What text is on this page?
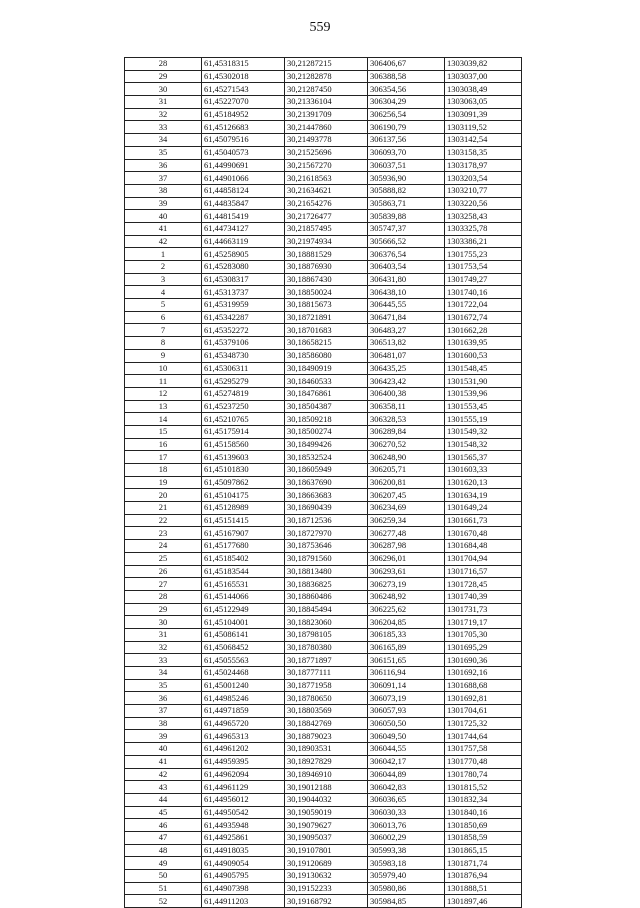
559
28	61,45318315	30,21287215	306406,67	1303039,82
29	61,45302018	30,21282878	306388,58	1303037,00
30	61,45271543	30,21287450	306354,56	1303038,49
31	61,45227070	30,21336104	306304,29	1303063,05
32	61,45184952	30,21391709	306256,54	1303091,39
33	61,45126683	30,21447860	306190,79	1303119,52
34	61,45079516	30,21493778	306137,56	1303142,54
35	61,45040573	30,21525696	306093,70	1303158,35
36	61,44990691	30,21567270	306037,51	1303178,97
37	61,44901066	30,21618563	305936,90	1303203,54
38	61,44858124	30,21634621	305888,82	1303210,77
39	61,44835847	30,21654276	305863,71	1303220,56
40	61,44815419	30,21726477	305839,88	1303258,43
41	61,44734127	30,21857495	305747,37	1303325,78
42	61,44663119	30,21974934	305666,52	1303386,21
1	61,45258905	30,18881529	306376,54	1301755,23
2	61,45283080	30,18876930	306403,54	1301753,54
3	61,45308317	30,18867430	306431,80	1301749,27
4	61,45313737	30,18850024	306438,10	1301740,16
5	61,45319959	30,18815673	306445,55	1301722,04
6	61,45342287	30,18721891	306471,84	1301672,74
7	61,45352272	30,18701683	306483,27	1301662,28
8	61,45379106	30,18658215	306513,82	1301639,95
9	61,45348730	30,18586080	306481,07	1301600,53
10	61,45306311	30,18490919	306435,25	1301548,45
11	61,45295279	30,18460533	306423,42	1301531,90
12	61,45274819	30,18476861	306400,38	1301539,96
13	61,45237250	30,18504387	306358,11	1301553,45
14	61,45210765	30,18509218	306328,53	1301555,19
15	61,45175914	30,18500274	306289,84	1301549,32
16	61,45158560	30,18499426	306270,52	1301548,32
17	61,45139603	30,18532524	306248,90	1301565,37
18	61,45101830	30,18605949	306205,71	1301603,33
19	61,45097862	30,18637690	306200,81	1301620,13
20	61,45104175	30,18663683	306207,45	1301634,19
21	61,45128989	30,18690439	306234,69	1301649,24
22	61,45151415	30,18712536	306259,34	1301661,73
23	61,45167907	30,18727970	306277,48	1301670,48
24	61,45177680	30,18753646	306287,98	1301684,48
25	61,45185402	30,18791560	306296,01	1301704,94
26	61,45183544	30,18813480	306293,61	1301716,57
27	61,45165531	30,18836825	306273,19	1301728,45
28	61,45144066	30,18860486	306248,92	1301740,39
29	61,45122949	30,18845494	306225,62	1301731,73
30	61,45104001	30,18823060	306204,85	1301719,17
31	61,45086141	30,18798105	306185,33	1301705,30
32	61,45068452	30,18780380	306165,89	1301695,29
33	61,45055563	30,18771897	306151,65	1301690,36
34	61,45024468	30,18777111	306116,94	1301692,16
35	61,45001240	30,18771958	306091,14	1301688,68
36	61,44985246	30,18780650	306073,19	1301692,81
37	61,44971859	30,18803569	306057,93	1301704,61
38	61,44965720	30,18842769	306050,50	1301725,32
39	61,44965313	30,18879023	306049,50	1301744,64
40	61,44961202	30,18903531	306044,55	1301757,58
41	61,44959395	30,18927829	306042,17	1301770,48
42	61,44962094	30,18946910	306044,89	1301780,74
43	61,44961129	30,19012188	306042,83	1301815,52
44	61,44956012	30,19044032	306036,65	1301832,34
45	61,44950542	30,19059019	306030,33	1301840,16
46	61,44935948	30,19079627	306013,76	1301850,69
47	61,44925861	30,19095037	306002,29	1301858,59
48	61,44918035	30,19107801	305993,38	1301865,15
49	61,44909054	30,19120689	305983,18	1301871,74
50	61,44905795	30,19130632	305979,40	1301876,94
51	61,44907398	30,19152233	305980,86	1301888,51
52	61,44911203	30,19168792	305984,85	1301897,46
